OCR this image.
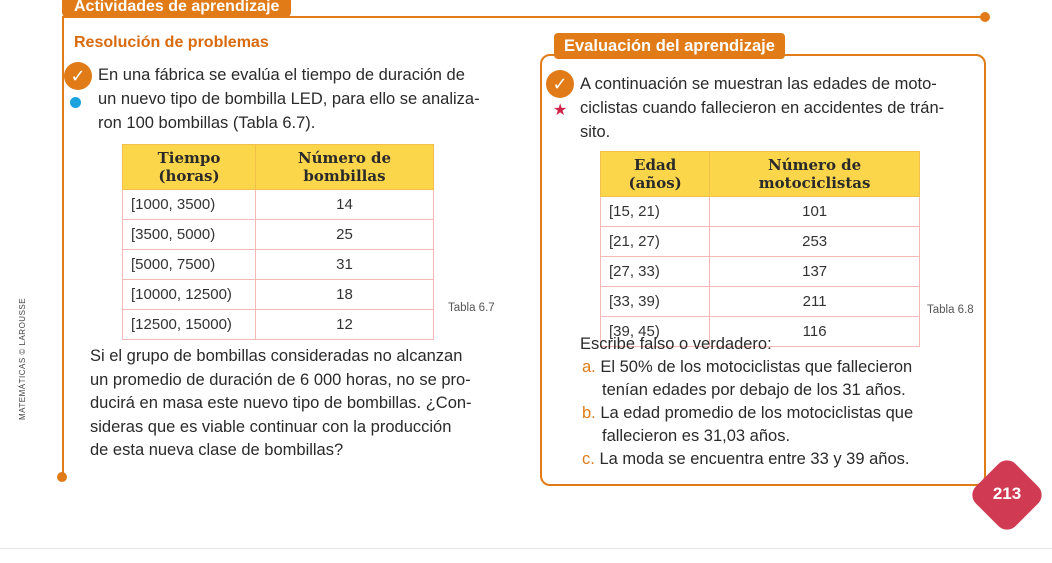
Actividades de aprendizaje
MATEMÁTICAS © LAROUSSE
Resolución de problemas
✓ En una fábrica se evalúa el tiempo de duración de
un nuevo tipo de bombilla LED, para ello se analiza-
ron 100 bombillas (Tabla 6.7).
Tiempo (horas)	Número de bombillas
[1000, 3500)	14
[3500, 5000)	25
[5000, 7500)	31
[10000, 12500)	18
[12500, 15000)	12
Tabla 6.7
Si el grupo de bombillas consideradas no alcanzan
un promedio de duración de 6 000 horas, no se pro-
ducirá en masa este nuevo tipo de bombillas. ¿Con-
sideras que es viable continuar con la producción
de esta nueva clase de bombillas?
Evaluación del aprendizaje
✓
★
A continuación se muestran las edades de moto-
ciclistas cuando fallecieron en accidentes de trán-
sito.
Edad (años)	Número de motociclistas
[15, 21)	101
[21, 27)	253
[27, 33)	137
[33, 39)	211
[39, 45)	116
Tabla 6.8
Escribe falso o verdadero:
a. El 50% de los motociclistas que fallecieron
tenían edades por debajo de los 31 años.
b. La edad promedio de los motociclistas que
fallecieron es 31,03 años.
c. La moda se encuentra entre 33 y 39 años.
213
